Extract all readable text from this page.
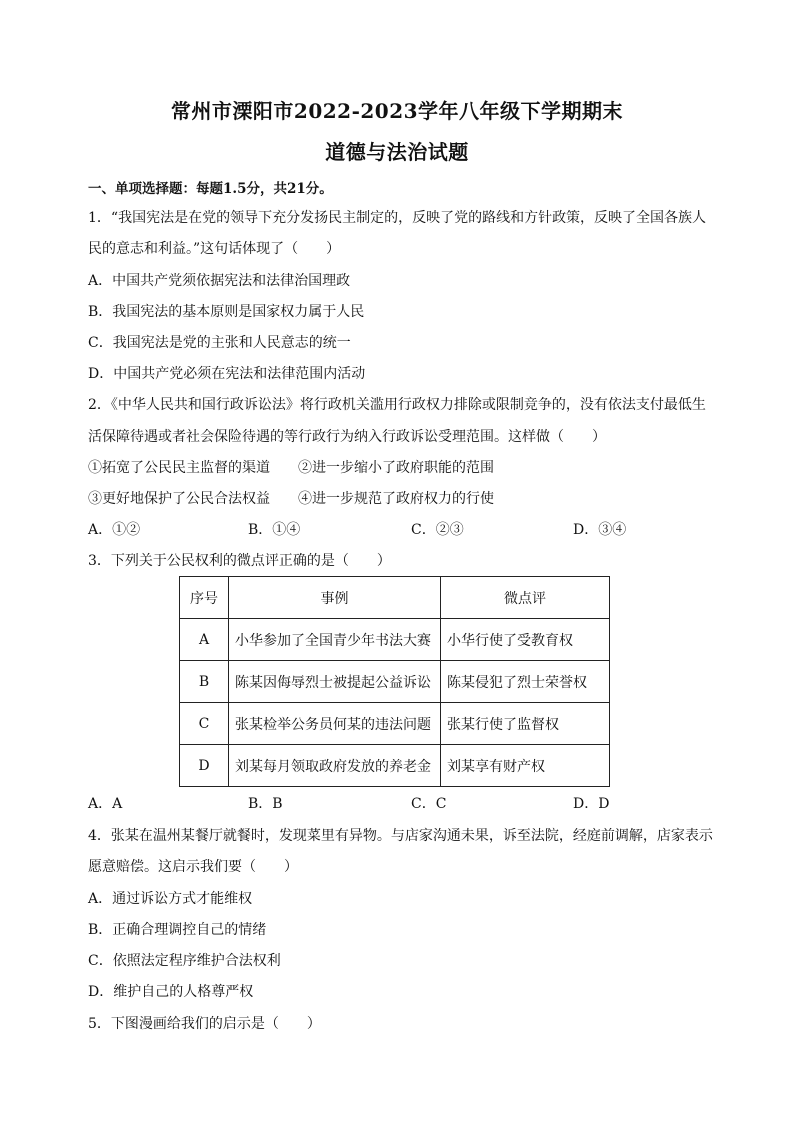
常州市溧阳市2022-2023学年八年级下学期期末
道德与法治试题
一、单项选择题：每题1.5分，共21分。
1．“我国宪法是在党的领导下充分发扬民主制定的，反映了党的路线和方针政策，反映了全国各族人
民的意志和利益。”这句话体现了（　　）
A．中国共产党须依据宪法和法律治国理政
B．我国宪法的基本原则是国家权力属于人民
C．我国宪法是党的主张和人民意志的统一
D．中国共产党必须在宪法和法律范围内活动
2．《中华人民共和国行政诉讼法》将行政机关滥用行政权力排除或限制竞争的，没有依法支付最低生
活保障待遇或者社会保险待遇的等行政行为纳入行政诉讼受理范围。这样做（　　）
①拓宽了公民民主监督的渠道　　②进一步缩小了政府职能的范围
③更好地保护了公民合法权益　　④进一步规范了政府权力的行使
A．①②	B．①④	C．②③	D．③④
3．下列关于公民权利的微点评正确的是（　　）
序号	事例	微点评
A	小华参加了全国青少年书法大赛	小华行使了受教育权
B	陈某因侮辱烈士被提起公益诉讼	陈某侵犯了烈士荣誉权
C	张某检举公务员何某的违法问题	张某行使了监督权
D	刘某每月领取政府发放的养老金	刘某享有财产权
A．A	B．B	C．C	D．D
4．张某在温州某餐厅就餐时，发现菜里有异物。与店家沟通未果，诉至法院，经庭前调解，店家表示
愿意赔偿。这启示我们要（　　）
A．通过诉讼方式才能维权
B．正确合理调控自己的情绪
C．依照法定程序维护合法权利
D．维护自己的人格尊严权
5．下图漫画给我们的启示是（　　）
